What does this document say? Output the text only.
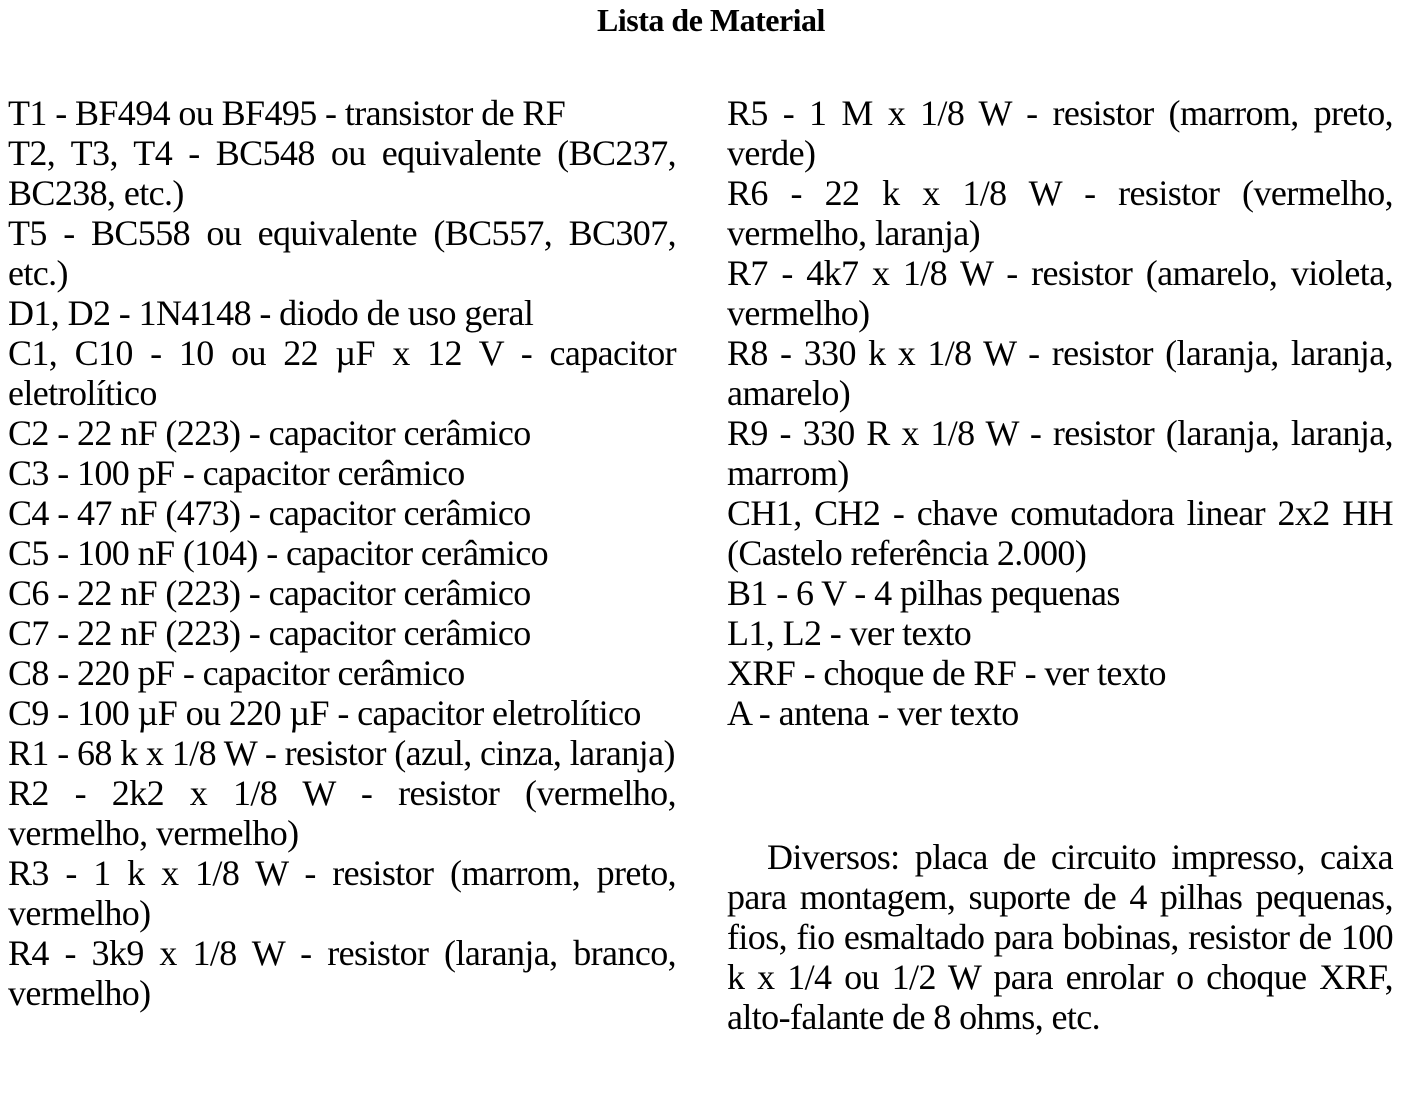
Lista de Material

T1 - BF494 ou BF495 - transistor de RF

T2, T3, T4 - BC548 ou equivalente (BC237, BC238, etc.)

T5 - BC558 ou equivalente (BC557, BC307, etc.)

D1, D2 - 1N4148 - diodo de uso geral

C1, C10 - 10 ou 22 µF x 12 V - capacitor eletrolítico

C2 - 22 nF (223) - capacitor cerâmico

C3 - 100 pF - capacitor cerâmico

C4 - 47 nF (473) - capacitor cerâmico

C5 - 100 nF (104) - capacitor cerâmico

C6 - 22 nF (223) - capacitor cerâmico

C7 - 22 nF (223) - capacitor cerâmico

C8 - 220 pF - capacitor cerâmico

C9 - 100 µF ou 220 µF - capacitor eletrolítico

R1 - 68 k x 1/8 W - resistor (azul, cinza, laranja)

R2 - 2k2 x 1/8 W - resistor (vermelho, vermelho, vermelho)

R3 - 1 k x 1/8 W - resistor (marrom, preto, vermelho)

R4 - 3k9 x 1/8 W - resistor (laranja, branco, vermelho)

R5 - 1 M x 1/8 W - resistor (marrom, preto, verde)

R6 - 22 k x 1/8 W - resistor (vermelho, vermelho, laranja)

R7 - 4k7 x 1/8 W - resistor (amarelo, violeta, vermelho)

R8 - 330 k x 1/8 W - resistor (laranja, laranja, amarelo)

R9 - 330 R x 1/8 W - resistor (laranja, laranja, marrom)

CH1, CH2 - chave comutadora linear 2x2 HH (Castelo referência 2.000)

B1 - 6 V - 4 pilhas pequenas

L1, L2 - ver texto

XRF - choque de RF - ver texto

A - antena - ver texto

Diversos: placa de circuito impresso, caixa para montagem, suporte de 4 pilhas pequenas, fios, fio esmaltado para bobinas, resistor de 100 k x 1/4 ou 1/2 W para enrolar o choque XRF, alto-falante de 8 ohms, etc.
